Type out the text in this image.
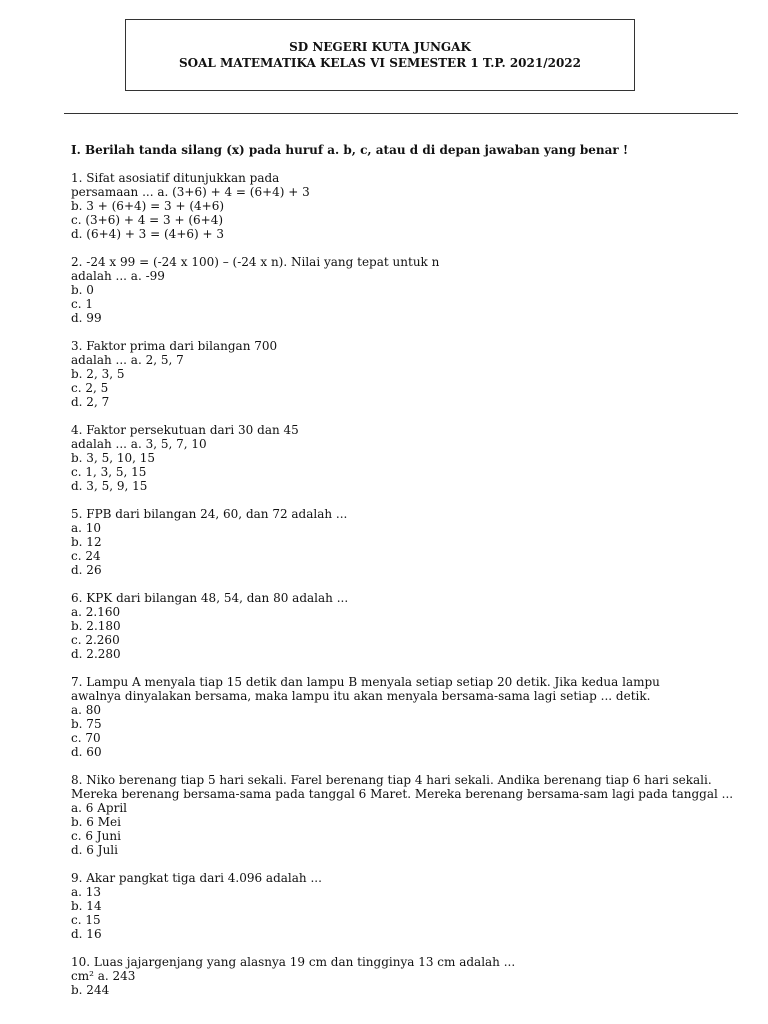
SD NEGERI KUTA JUNGAK
SOAL MATEMATIKA KELAS VI SEMESTER 1 T.P. 2021/2022
I. Berilah tanda silang (x) pada huruf a. b, c, atau d di depan jawaban yang benar !
1. Sifat asosiatif ditunjukkan pada
persamaan ... a. (3+6) + 4 = (6+4) + 3
b. 3 + (6+4) = 3 + (4+6)
c. (3+6) + 4 = 3 + (6+4)
d. (6+4) + 3 = (4+6) + 3
2. -24 x 99 = (-24 x 100) – (-24 x n). Nilai yang tepat untuk n
adalah ... a. -99
b. 0
c. 1
d. 99
3. Faktor prima dari bilangan 700
adalah ... a. 2, 5, 7
b. 2, 3, 5
c. 2, 5
d. 2, 7
4. Faktor persekutuan dari 30 dan 45
adalah ... a. 3, 5, 7, 10
b. 3, 5, 10, 15
c. 1, 3, 5, 15
d. 3, 5, 9, 15
5. FPB dari bilangan 24, 60, dan 72 adalah ...
a. 10
b. 12
c. 24
d. 26
6. KPK dari bilangan 48, 54, dan 80 adalah ...
a. 2.160
b. 2.180
c. 2.260
d. 2.280
7. Lampu A menyala tiap 15 detik dan lampu B menyala setiap setiap 20 detik. Jika kedua lampu
awalnya dinyalakan bersama, maka lampu itu akan menyala bersama-sama lagi setiap ... detik.
a. 80
b. 75
c. 70
d. 60
8. Niko berenang tiap 5 hari sekali. Farel berenang tiap 4 hari sekali. Andika berenang tiap 6 hari sekali.
Mereka berenang bersama-sama pada tanggal 6 Maret. Mereka berenang bersama-sam lagi pada tanggal ...
a. 6 April
b. 6 Mei
c. 6 Juni
d. 6 Juli
9. Akar pangkat tiga dari 4.096 adalah ...
a. 13
b. 14
c. 15
d. 16
10. Luas jajargenjang yang alasnya 19 cm dan tingginya 13 cm adalah ...
cm² a. 243
b. 244
